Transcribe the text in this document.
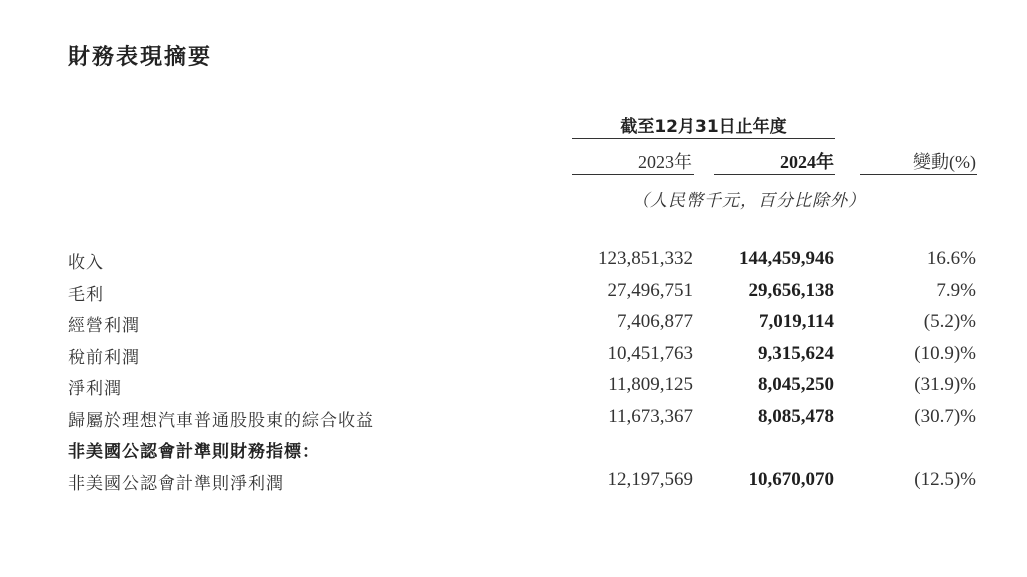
財務表現摘要
截至12月31日止年度
2023年	2024年	變動(%)
（人民幣千元，百分比除外）
收入	123,851,332	144,459,946	16.6%
毛利	27,496,751	29,656,138	7.9%
經營利潤	7,406,877	7,019,114	(5.2)%
稅前利潤	10,451,763	9,315,624	(10.9)%
淨利潤	11,809,125	8,045,250	(31.9)%
歸屬於理想汽車普通股股東的綜合收益	11,673,367	8,085,478	(30.7)%
非美國公認會計準則財務指標：
非美國公認會計準則淨利潤	12,197,569	10,670,070	(12.5)%
